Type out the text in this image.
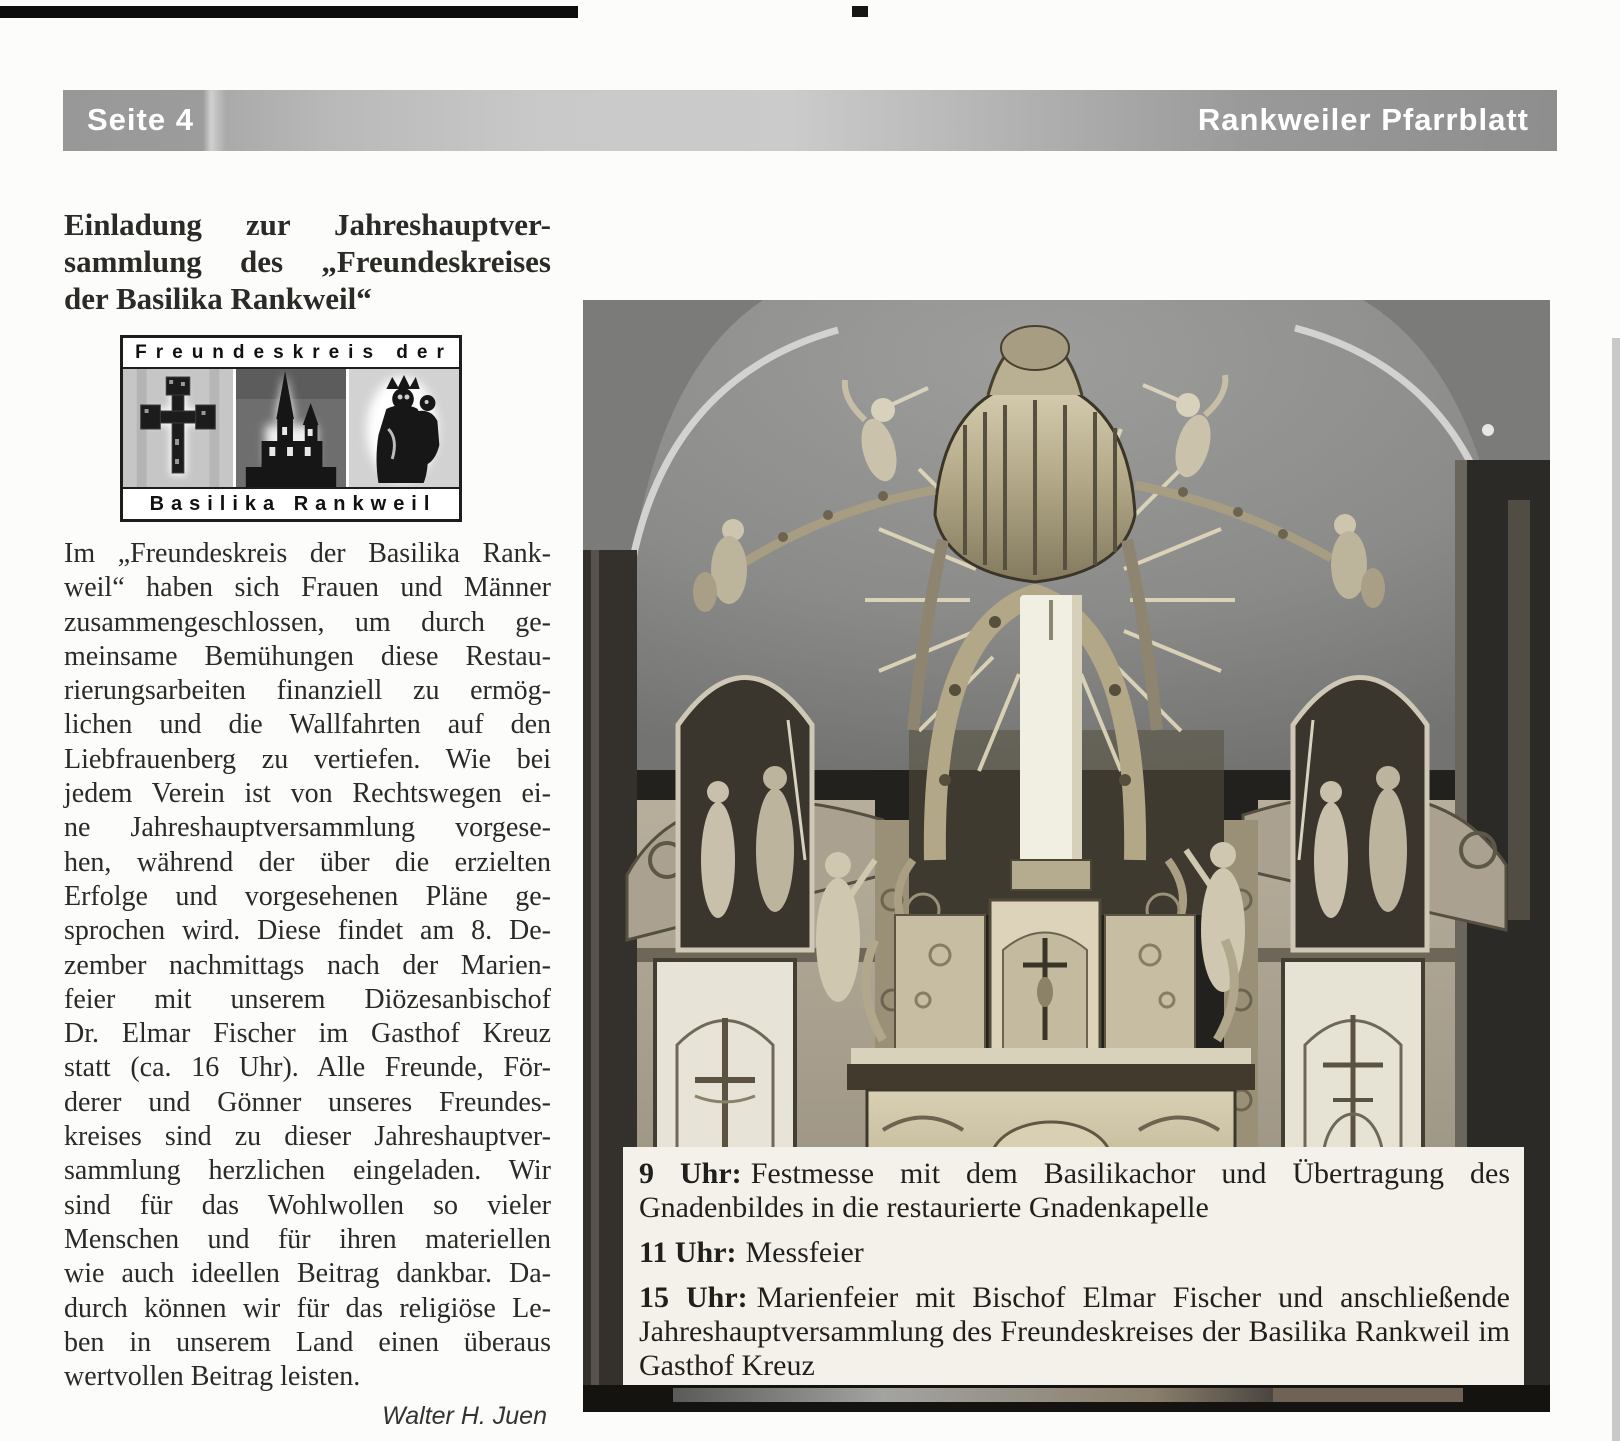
Seite 4	Rankweiler Pfarrblatt
Einladung zur Jahreshauptver-
sammlung des „Freundeskreises
der Basilika Rankweil“
Freundeskreis der
Basilika Rankweil
Im „Freundeskreis der Basilika Rank-
weil“ haben sich Frauen und Männer
zusammengeschlossen, um durch ge-
meinsame Bemühungen diese Restau-
rierungsarbeiten finanziell zu ermög-
lichen und die Wallfahrten auf den
Liebfrauenberg zu vertiefen. Wie bei
jedem Verein ist von Rechtswegen ei-
ne Jahreshauptversammlung vorgese-
hen, während der über die erzielten
Erfolge und vorgesehenen Pläne ge-
sprochen wird. Diese findet am 8. De-
zember nachmittags nach der Marien-
feier mit unserem Diözesanbischof
Dr. Elmar Fischer im Gasthof Kreuz
statt (ca. 16 Uhr). Alle Freunde, För-
derer und Gönner unseres Freundes-
kreises sind zu dieser Jahreshauptver-
sammlung herzlichen eingeladen. Wir
sind für das Wohlwollen so vieler
Menschen und für ihren materiellen
wie auch ideellen Beitrag dankbar. Da-
durch können wir für das religiöse Le-
ben in unserem Land einen überaus
wertvollen Beitrag leisten.
Walter H. Juen

9 Uhr: Festmesse mit dem Basilikachor und Übertragung des Gnadenbildes in die restaurierte Gnadenkapelle

11 Uhr: Messfeier

15 Uhr: Marienfeier mit Bischof Elmar Fischer und anschließende Jahreshauptversammlung des Freundeskreises der Basilika Rankweil im Gasthof Kreuz
